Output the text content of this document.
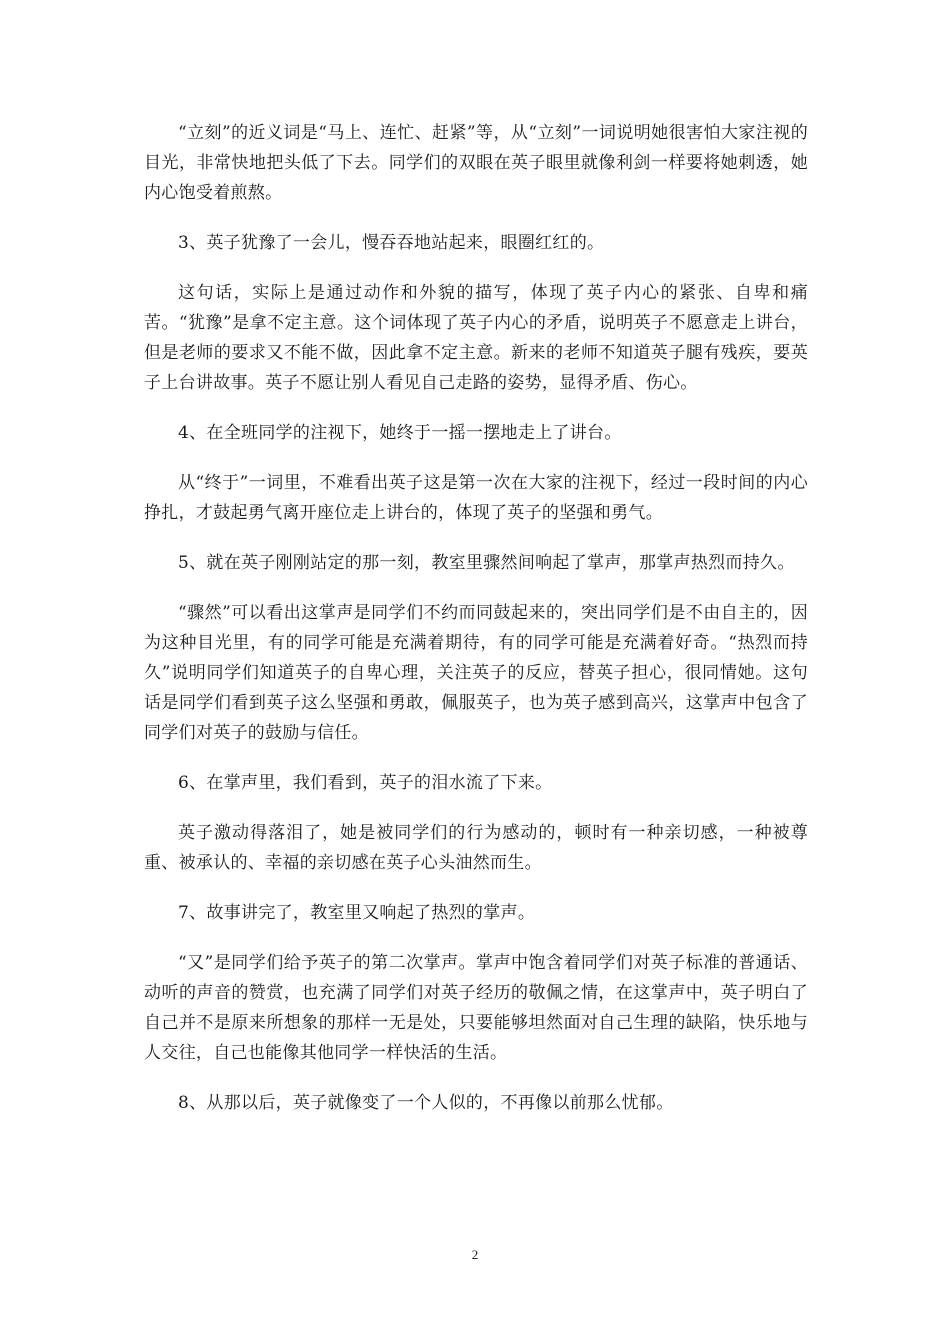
“立刻”的近义词是“马上、连忙、赶紧”等，从“立刻”一词说明她很害怕大家注视的目光，非常快地把头低了下去。同学们的双眼在英子眼里就像利剑一样要将她刺透，她内心饱受着煎熬。

3、英子犹豫了一会儿，慢吞吞地站起来，眼圈红红的。

这句话，实际上是通过动作和外貌的描写，体现了英子内心的紧张、自卑和痛苦。“犹豫”是拿不定主意。这个词体现了英子内心的矛盾，说明英子不愿意走上讲台，但是老师的要求又不能不做，因此拿不定主意。新来的老师不知道英子腿有残疾，要英子上台讲故事。英子不愿让别人看见自己走路的姿势，显得矛盾、伤心。

4、在全班同学的注视下，她终于一摇一摆地走上了讲台。

从“终于”一词里，不难看出英子这是第一次在大家的注视下，经过一段时间的内心挣扎，才鼓起勇气离开座位走上讲台的，体现了英子的坚强和勇气。

5、就在英子刚刚站定的那一刻，教室里骤然间响起了掌声，那掌声热烈而持久。

“骤然”可以看出这掌声是同学们不约而同鼓起来的，突出同学们是不由自主的，因为这种目光里，有的同学可能是充满着期待，有的同学可能是充满着好奇。“热烈而持久”说明同学们知道英子的自卑心理，关注英子的反应，替英子担心，很同情她。这句话是同学们看到英子这么坚强和勇敢，佩服英子，也为英子感到高兴，这掌声中包含了同学们对英子的鼓励与信任。

6、在掌声里，我们看到，英子的泪水流了下来。

英子激动得落泪了，她是被同学们的行为感动的，顿时有一种亲切感，一种被尊重、被承认的、幸福的亲切感在英子心头油然而生。

7、故事讲完了，教室里又响起了热烈的掌声。

“又”是同学们给予英子的第二次掌声。掌声中饱含着同学们对英子标准的普通话、动听的声音的赞赏，也充满了同学们对英子经历的敬佩之情，在这掌声中，英子明白了自己并不是原来所想象的那样一无是处，只要能够坦然面对自己生理的缺陷，快乐地与人交往，自己也能像其他同学一样快活的生活。

8、从那以后，英子就像变了一个人似的，不再像以前那么忧郁。

2
